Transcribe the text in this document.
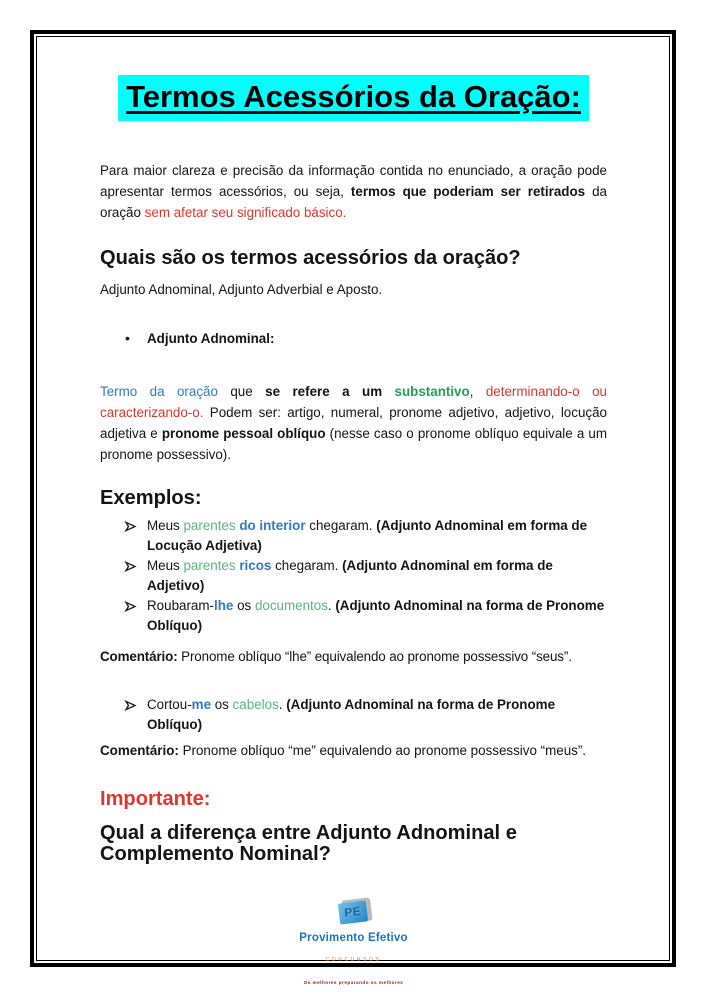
Termos Acessórios da Oração:

Para maior clareza e precisão da informação contida no enunciado, a oração pode apresentar termos acessórios, ou seja, termos que poderiam ser retirados da oração sem afetar seu significado básico.

Quais são os termos acessórios da oração?

Adjunto Adnominal, Adjunto Adverbial e Aposto.

•	Adjunto Adnominal:

Termo da oração que se refere a um substantivo, determinando-o ou caracterizando-o. Podem ser: artigo, numeral, pronome adjetivo, adjetivo, locução adjetiva e pronome pessoal oblíquo (nesse caso o pronome oblíquo equivale a um pronome possessivo).

Exemplos:
Meus parentes do interior chegaram. (Adjunto Adnominal em forma de Locução Adjetiva)
Meus parentes ricos chegaram. (Adjunto Adnominal em forma de Adjetivo)
Roubaram-lhe os documentos. (Adjunto Adnominal na forma de Pronome Oblíquo)

Comentário: Pronome oblíquo “lhe” equivalendo ao pronome possessivo “seus”.

Cortou-me os cabelos. (Adjunto Adnominal na forma de Pronome Oblíquo)

Comentário: Pronome oblíquo “me” equivalendo ao pronome possessivo “meus”.

Importante:
Qual a diferença entre Adjunto Adnominal e Complemento Nominal?
PE
Provimento Efetivo
CONCURSOS
Os melhores preparando os melhores
